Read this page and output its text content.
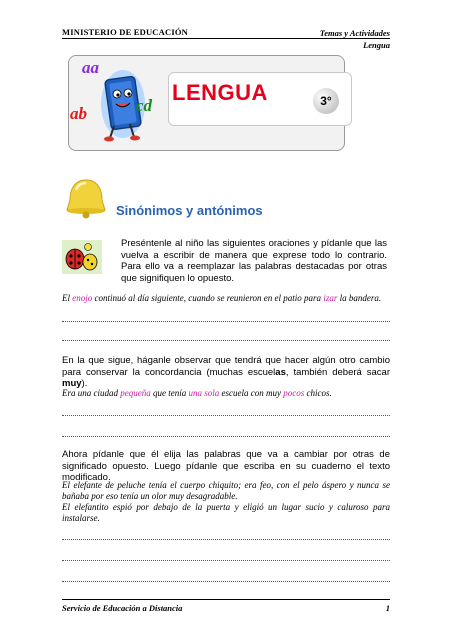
MINISTERIO DE EDUCACIÓN	Temas y Actividades
Lengua
aa
ab	cd
LENGUA	3°
Sinónimos y antónimos
Preséntenle al niño las siguientes oraciones y pídanle que las vuelva a escribir de manera que exprese todo lo contrario. Para ello va a reemplazar las palabras destacadas por otras que signifiquen lo opuesto.
El enojo continuó al día siguiente, cuando se reunieron en el patio para izar la bandera.
En la que sigue, háganle observar que tendrá que hacer algún otro cambio para conservar la concordancia (muchas escuelas, también deberá sacar muy).
Era una ciudad pequeña que tenía una sola escuela con muy pocos chicos.
Ahora pídanle que él elija las palabras que va a cambiar por otras de significado opuesto. Luego pídanle que escriba en su cuaderno el texto modificado.
El elefante de peluche tenía el cuerpo chiquito; era feo, con el pelo áspero y nunca se bañaba por eso tenía un olor muy desagradable.
El elefantito espió por debajo de la puerta y eligió un lugar sucio y caluroso para instalarse.
Servicio de Educación a Distancia	1
